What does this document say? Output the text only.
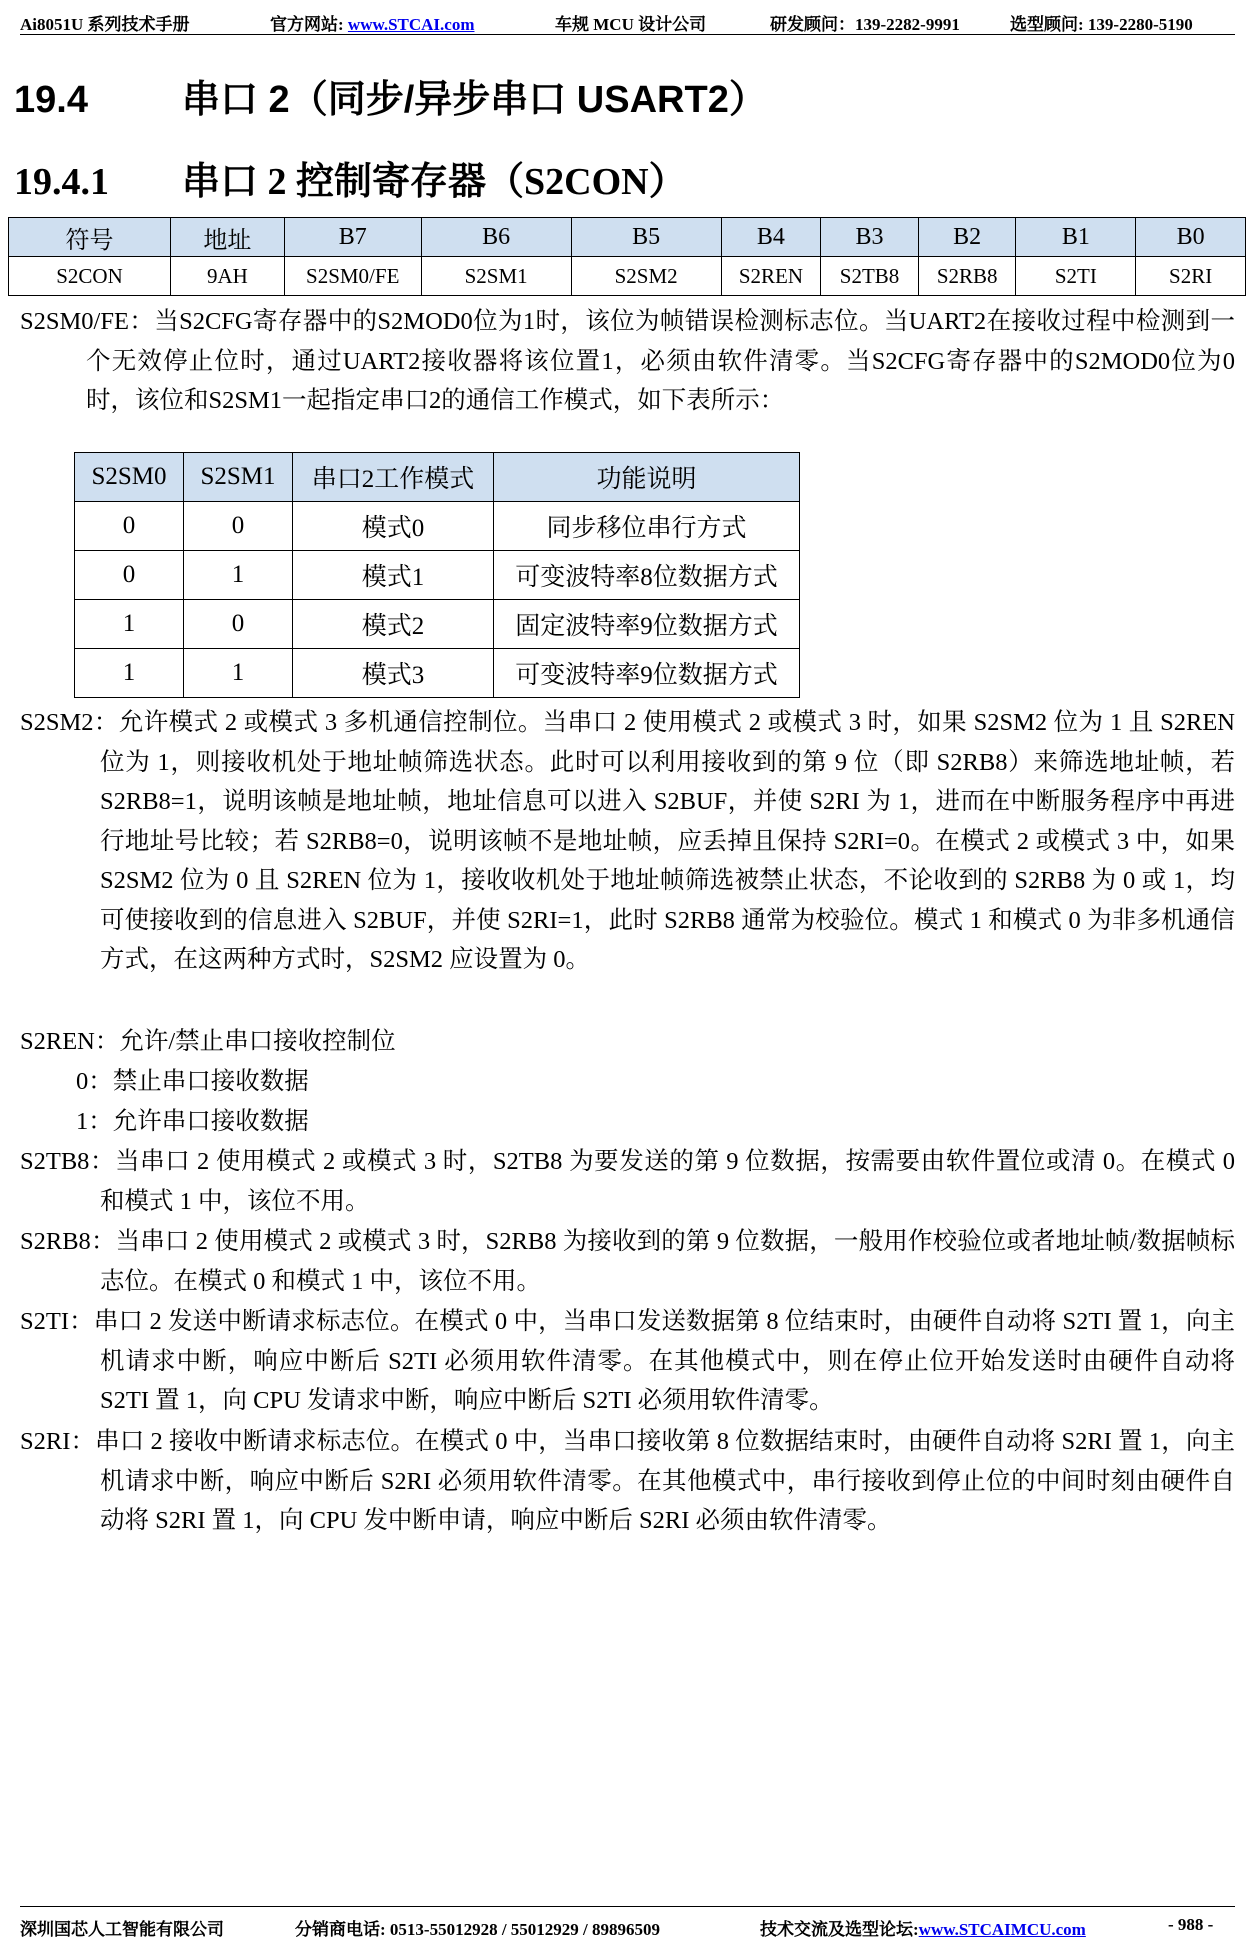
Ai8051U 系列技术手册	官方网站: www.STCAI.com	车规 MCU 设计公司	研发顾问：139-2282-9991	选型顾问: 139-2280-5190
19.4 串口 2（同步/异步串口 USART2）
19.4.1 串口 2 控制寄存器（S2CON）
符号	地址	B7	B6	B5	B4	B3	B2	B1	B0
S2CON	9AH	S2SM0/FE	S2SM1	S2SM2	S2REN	S2TB8	S2RB8	S2TI	S2RI
S2SM0/FE：当S2CFG寄存器中的S2MOD0位为1时，该位为帧错误检测标志位。当UART2在接收过程中检测到一个无效停止位时，通过UART2接收器将该位置1，必须由软件清零。当S2CFG寄存器中的S2MOD0位为0时，该位和S2SM1一起指定串口2的通信工作模式，如下表所示：
S2SM0	S2SM1	串口2工作模式	功能说明
0	0	模式0	同步移位串行方式
0	1	模式1	可变波特率8位数据方式
1	0	模式2	固定波特率9位数据方式
1	1	模式3	可变波特率9位数据方式
S2SM2：允许模式 2 或模式 3 多机通信控制位。当串口 2 使用模式 2 或模式 3 时，如果 S2SM2 位为 1 且 S2REN 位为 1，则接收机处于地址帧筛选状态。此时可以利用接收到的第 9 位（即 S2RB8）来筛选地址帧，若 S2RB8=1，说明该帧是地址帧，地址信息可以进入 S2BUF，并使 S2RI 为 1，进而在中断服务程序中再进行地址号比较；若 S2RB8=0，说明该帧不是地址帧，应丢掉且保持 S2RI=0。在模式 2 或模式 3 中，如果 S2SM2 位为 0 且 S2REN 位为 1，接收收机处于地址帧筛选被禁止状态，不论收到的 S2RB8 为 0 或 1，均可使接收到的信息进入 S2BUF，并使 S2RI=1，此时 S2RB8 通常为校验位。模式 1 和模式 0 为非多机通信方式，在这两种方式时，S2SM2 应设置为 0。
S2REN：允许/禁止串口接收控制位
0：禁止串口接收数据
1：允许串口接收数据
S2TB8：当串口 2 使用模式 2 或模式 3 时，S2TB8 为要发送的第 9 位数据，按需要由软件置位或清 0。在模式 0 和模式 1 中，该位不用。
S2RB8：当串口 2 使用模式 2 或模式 3 时，S2RB8 为接收到的第 9 位数据，一般用作校验位或者地址帧/数据帧标志位。在模式 0 和模式 1 中，该位不用。
S2TI：串口 2 发送中断请求标志位。在模式 0 中，当串口发送数据第 8 位结束时，由硬件自动将 S2TI 置 1，向主机请求中断，响应中断后 S2TI 必须用软件清零。在其他模式中，则在停止位开始发送时由硬件自动将 S2TI 置 1，向 CPU 发请求中断，响应中断后 S2TI 必须用软件清零。
S2RI：串口 2 接收中断请求标志位。在模式 0 中，当串口接收第 8 位数据结束时，由硬件自动将 S2RI 置 1，向主机请求中断，响应中断后 S2RI 必须用软件清零。在其他模式中，串行接收到停止位的中间时刻由硬件自动将 S2RI 置 1，向 CPU 发中断申请，响应中断后 S2RI 必须由软件清零。
深圳国芯人工智能有限公司	分销商电话: 0513-55012928 / 55012929 / 89896509	技术交流及选型论坛:www.STCAIMCU.com	- 988 -
